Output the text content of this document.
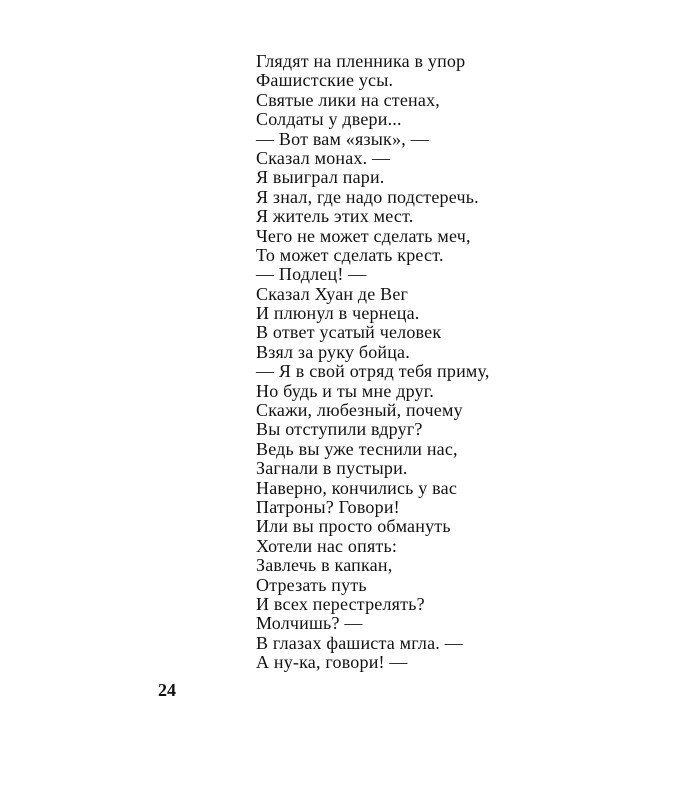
Глядят на пленника в упор
Фашистские усы.
Святые лики на стенах,
Солдаты у двери...
— Вот вам «язык», —
Сказал монах. —
Я выиграл пари.
Я знал, где надо подстеречь.
Я житель этих мест.
Чего не может сделать меч,
То может сделать крест.
— Подлец! —
Сказал Хуан де Вег
И плюнул в чернеца.
В ответ усатый человек
Взял за руку бойца.
— Я в свой отряд тебя приму,
Но будь и ты мне друг.
Скажи, любезный, почему
Вы отступили вдруг?
Ведь вы уже теснили нас,
Загнали в пустыри.
Наверно, кончились у вас
Патроны? Говори!
Или вы просто обмануть
Хотели нас опять:
Завлечь в капкан,
Отрезать путь
И всех перестрелять?
Молчишь? —
В глазах фашиста мгла. —
А ну-ка, говори! —
24
